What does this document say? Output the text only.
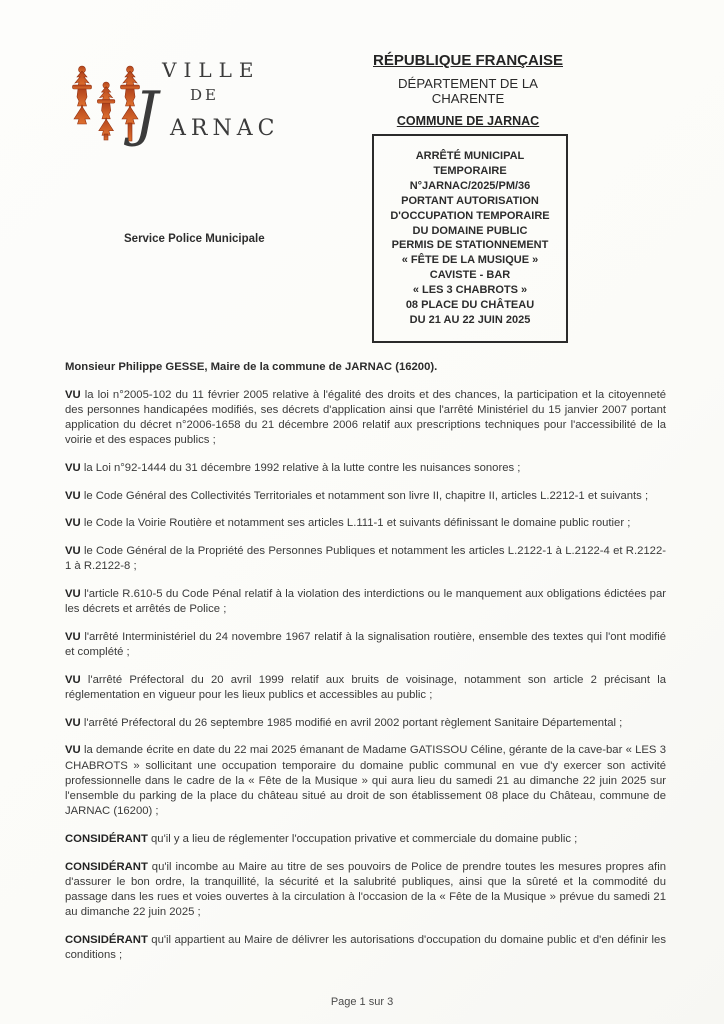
VILLE
DE
J ARNAC
Service Police Municipale
RÉPUBLIQUE FRANÇAISE
DÉPARTEMENT DE LA CHARENTE
COMMUNE DE JARNAC
ARRÊTÉ MUNICIPAL
TEMPORAIRE
N°JARNAC/2025/PM/36
PORTANT AUTORISATION
D'OCCUPATION TEMPORAIRE
DU DOMAINE PUBLIC
PERMIS DE STATIONNEMENT
« FÊTE DE LA MUSIQUE »
CAVISTE - BAR
« LES 3 CHABROTS »
08 PLACE DU CHÂTEAU
DU 21 AU 22 JUIN 2025

Monsieur Philippe GESSE, Maire de la commune de JARNAC (16200).

VU la loi n°2005-102 du 11 février 2005 relative à l'égalité des droits et des chances, la participation et la citoyenneté des personnes handicapées modifiés, ses décrets d'application ainsi que l'arrêté Ministériel du 15 janvier 2007 portant application du décret n°2006-1658 du 21 décembre 2006 relatif aux prescriptions techniques pour l'accessibilité de la voirie et des espaces publics ;

VU la Loi n°92-1444 du 31 décembre 1992 relative à la lutte contre les nuisances sonores ;

VU le Code Général des Collectivités Territoriales et notamment son livre II, chapitre II, articles L.2212-1 et suivants ;

VU le Code la Voirie Routière et notamment ses articles L.111-1 et suivants définissant le domaine public routier ;

VU le Code Général de la Propriété des Personnes Publiques et notamment les articles L.2122-1 à L.2122-4 et R.2122-1 à R.2122-8 ;

VU l'article R.610-5 du Code Pénal relatif à la violation des interdictions ou le manquement aux obligations édictées par les décrets et arrêtés de Police ;

VU l'arrêté Interministériel du 24 novembre 1967 relatif à la signalisation routière, ensemble des textes qui l'ont modifié et complété ;

VU l'arrêté Préfectoral du 20 avril 1999 relatif aux bruits de voisinage, notamment son article 2 précisant la réglementation en vigueur pour les lieux publics et accessibles au public ;

VU l'arrêté Préfectoral du 26 septembre 1985 modifié en avril 2002 portant règlement Sanitaire Départemental ;

VU la demande écrite en date du 22 mai 2025 émanant de Madame GATISSOU Céline, gérante de la cave-bar « LES 3 CHABROTS » sollicitant une occupation temporaire du domaine public communal en vue d'y exercer son activité professionnelle dans le cadre de la « Fête de la Musique » qui aura lieu du samedi 21 au dimanche 22 juin 2025 sur l'ensemble du parking de la place du château situé au droit de son établissement 08 place du Château, commune de JARNAC (16200) ;

CONSIDÉRANT qu'il y a lieu de réglementer l'occupation privative et commerciale du domaine public ;

CONSIDÉRANT qu'il incombe au Maire au titre de ses pouvoirs de Police de prendre toutes les mesures propres afin d'assurer le bon ordre, la tranquillité, la sécurité et la salubrité publiques, ainsi que la sûreté et la commodité du passage dans les rues et voies ouvertes à la circulation à l'occasion de la « Fête de la Musique » prévue du samedi 21 au dimanche 22 juin 2025 ;

CONSIDÉRANT qu'il appartient au Maire de délivrer les autorisations d'occupation du domaine public et d'en définir les conditions ;

Page 1 sur 3
